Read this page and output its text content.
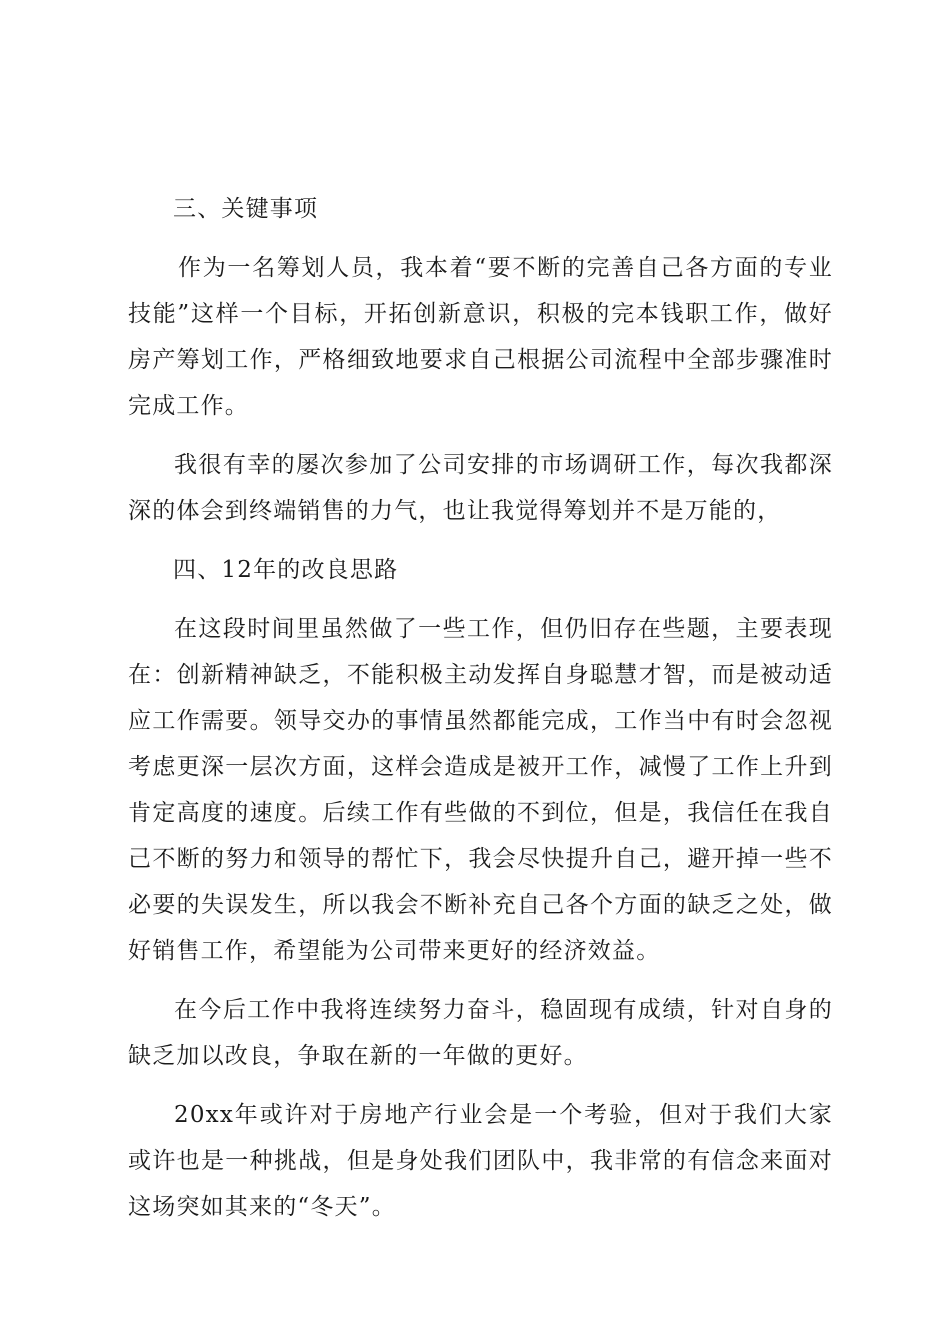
三、关键事项
作为一名筹划人员，我本着“要不断的完善自己各方面的专业技能”这样一个目标，开拓创新意识，积极的完本钱职工作，做好房产筹划工作，严格细致地要求自己根据公司流程中全部步骤准时完成工作。
我很有幸的屡次参加了公司安排的市场调研工作，每次我都深深的体会到终端销售的力气，也让我觉得筹划并不是万能的，
四、12年的改良思路
在这段时间里虽然做了一些工作，但仍旧存在些题，主要表现在：创新精神缺乏，不能积极主动发挥自身聪慧才智，而是被动适应工作需要。领导交办的事情虽然都能完成，工作当中有时会忽视考虑更深一层次方面，这样会造成是被开工作，减慢了工作上升到肯定高度的速度。后续工作有些做的不到位，但是，我信任在我自己不断的努力和领导的帮忙下，我会尽快提升自己，避开掉一些不必要的失误发生，所以我会不断补充自己各个方面的缺乏之处，做好销售工作，希望能为公司带来更好的经济效益。
在今后工作中我将连续努力奋斗，稳固现有成绩，针对自身的缺乏加以改良，争取在新的一年做的更好。
20xx年或许对于房地产行业会是一个考验，但对于我们大家或许也是一种挑战，但是身处我们团队中，我非常的有信念来面对这场突如其来的“冬天”。
